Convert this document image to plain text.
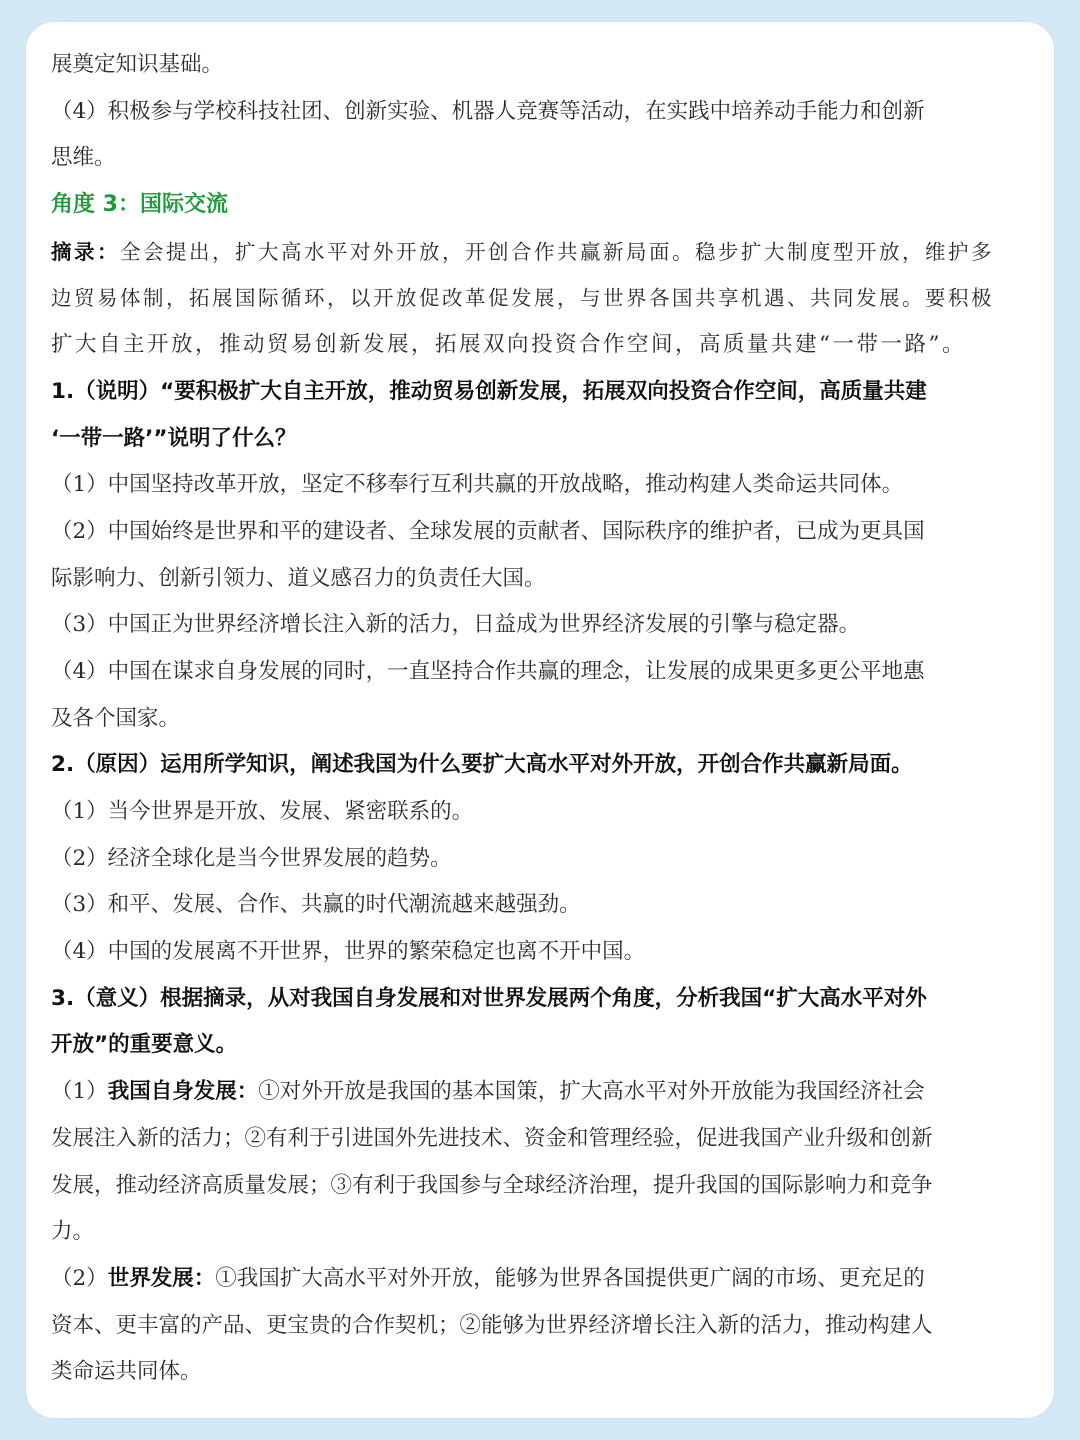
展奠定知识基础。
（4）积极参与学校科技社团、创新实验、机器人竞赛等活动，在实践中培养动手能力和创新
思维。
角度 3：国际交流
摘录：全会提出，扩大高水平对外开放，开创合作共赢新局面。稳步扩大制度型开放，维护多
边贸易体制，拓展国际循环，以开放促改革促发展，与世界各国共享机遇、共同发展。要积极
扩大自主开放，推动贸易创新发展，拓展双向投资合作空间，高质量共建“一带一路”。
1.（说明）“要积极扩大自主开放，推动贸易创新发展，拓展双向投资合作空间，高质量共建
‘一带一路’”说明了什么？
（1）中国坚持改革开放，坚定不移奉行互利共赢的开放战略，推动构建人类命运共同体。
（2）中国始终是世界和平的建设者、全球发展的贡献者、国际秩序的维护者，已成为更具国
际影响力、创新引领力、道义感召力的负责任大国。
（3）中国正为世界经济增长注入新的活力，日益成为世界经济发展的引擎与稳定器。
（4）中国在谋求自身发展的同时，一直坚持合作共赢的理念，让发展的成果更多更公平地惠
及各个国家。
2.（原因）运用所学知识，阐述我国为什么要扩大高水平对外开放，开创合作共赢新局面。
（1）当今世界是开放、发展、紧密联系的。
（2）经济全球化是当今世界发展的趋势。
（3）和平、发展、合作、共赢的时代潮流越来越强劲。
（4）中国的发展离不开世界，世界的繁荣稳定也离不开中国。
3.（意义）根据摘录，从对我国自身发展和对世界发展两个角度，分析我国“扩大高水平对外
开放”的重要意义。
（1）我国自身发展：①对外开放是我国的基本国策，扩大高水平对外开放能为我国经济社会
发展注入新的活力；②有利于引进国外先进技术、资金和管理经验，促进我国产业升级和创新
发展，推动经济高质量发展；③有利于我国参与全球经济治理，提升我国的国际影响力和竞争
力。
（2）世界发展：①我国扩大高水平对外开放，能够为世界各国提供更广阔的市场、更充足的
资本、更丰富的产品、更宝贵的合作契机；②能够为世界经济增长注入新的活力，推动构建人
类命运共同体。
